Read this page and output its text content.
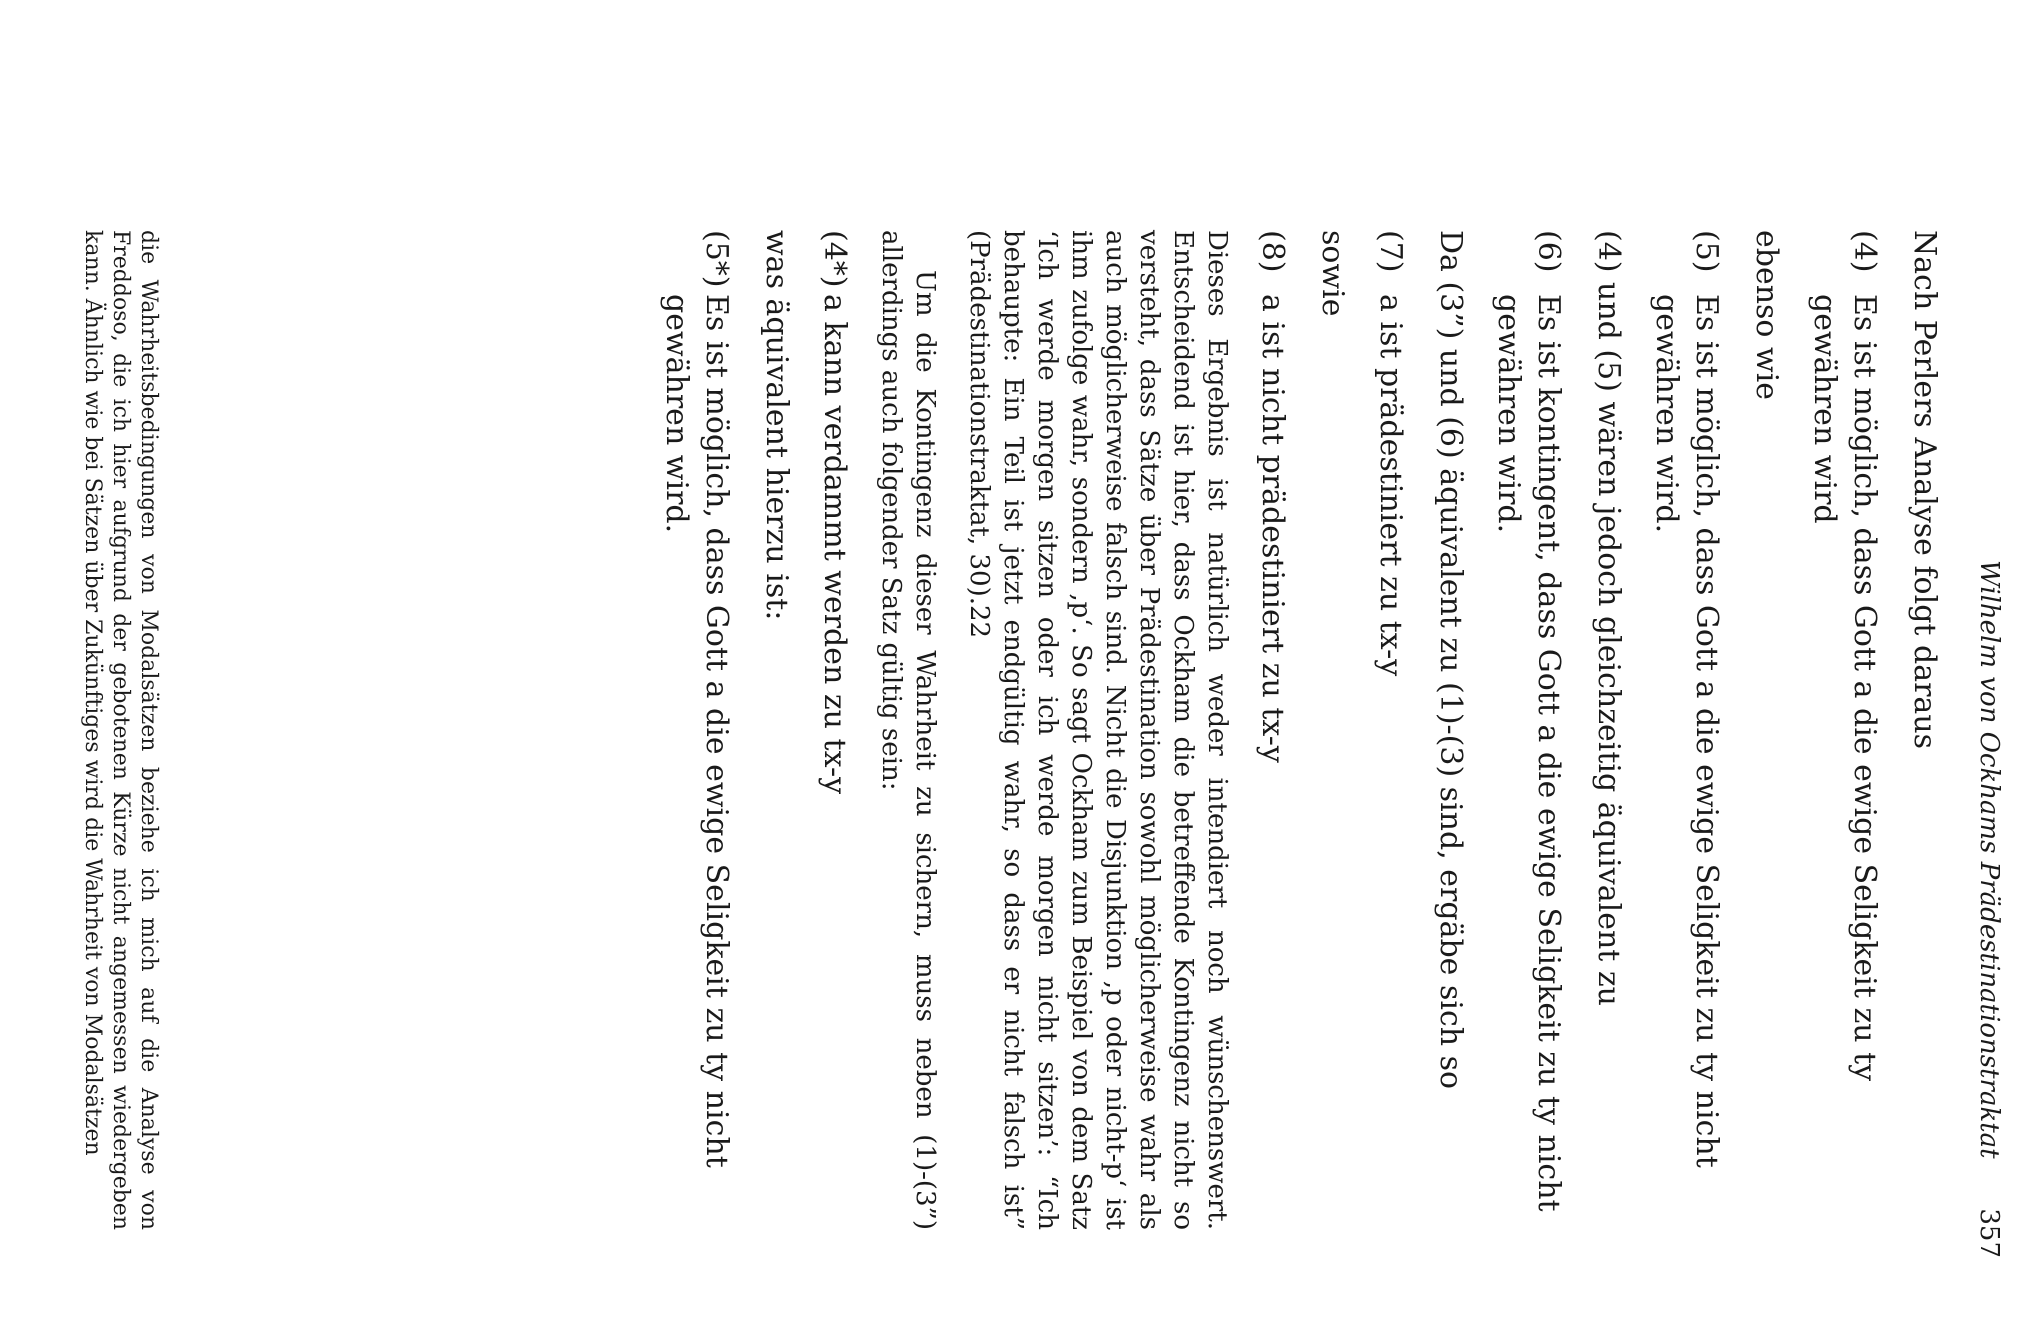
Wilhelm von Ockhams Prädestinationstraktat
357

Nach Perlers Analyse folgt daraus

(4)
Es ist möglich, dass Gott a die ewige Seligkeit zu ty gewähren wird

ebenso wie

(5)
Es ist möglich, dass Gott a die ewige Seligkeit zu ty nicht gewähren wird.

(4) und (5) wären jedoch gleichzeitig äquivalent zu

(6)
Es ist kontingent, dass Gott a die ewige Seligkeit zu ty nicht gewähren wird.

Da (3”) und (6) äquivalent zu (1)-(3) sind, ergäbe sich so

(7)
a ist prädestiniert zu tx-y

sowie

(8)
a ist nicht prädestiniert zu tx-y

Dieses Ergebnis ist natürlich weder intendiert noch wünschenswert. Entscheidend ist hier, dass Ockham die betreffende Kontingenz nicht so versteht, dass Sätze über Prädestination sowohl möglicherweise wahr als auch möglicherweise falsch sind. Nicht die Disjunktion ‚p oder nicht-p‘ ist ihm zufolge wahr, sondern ‚p‘. So sagt Ockham zum Beispiel von dem Satz ‘Ich werde morgen sitzen oder ich werde morgen nicht sitzen’: “Ich behaupte: Ein Teil ist jetzt endgültig wahr, so dass er nicht falsch ist” (Prädestinationstraktat, 30).22

Um die Kontingenz dieser Wahrheit zu sichern, muss neben (1)-(3”) allerdings auch folgender Satz gültig sein:

(4*)
a kann verdammt werden zu tx-y

was äquivalent hierzu ist:

(5*)
Es ist möglich, dass Gott a die ewige Seligkeit zu ty nicht gewähren wird.
die Wahrheitsbedingungen von Modalsätzen beziehe ich mich auf die Analyse von Freddoso, die ich hier aufgrund der gebotenen Kürze nicht angemessen wiedergeben kann. Ähnlich wie bei Sätzen über Zukünftiges wird die Wahrheit von Modalsätzen
